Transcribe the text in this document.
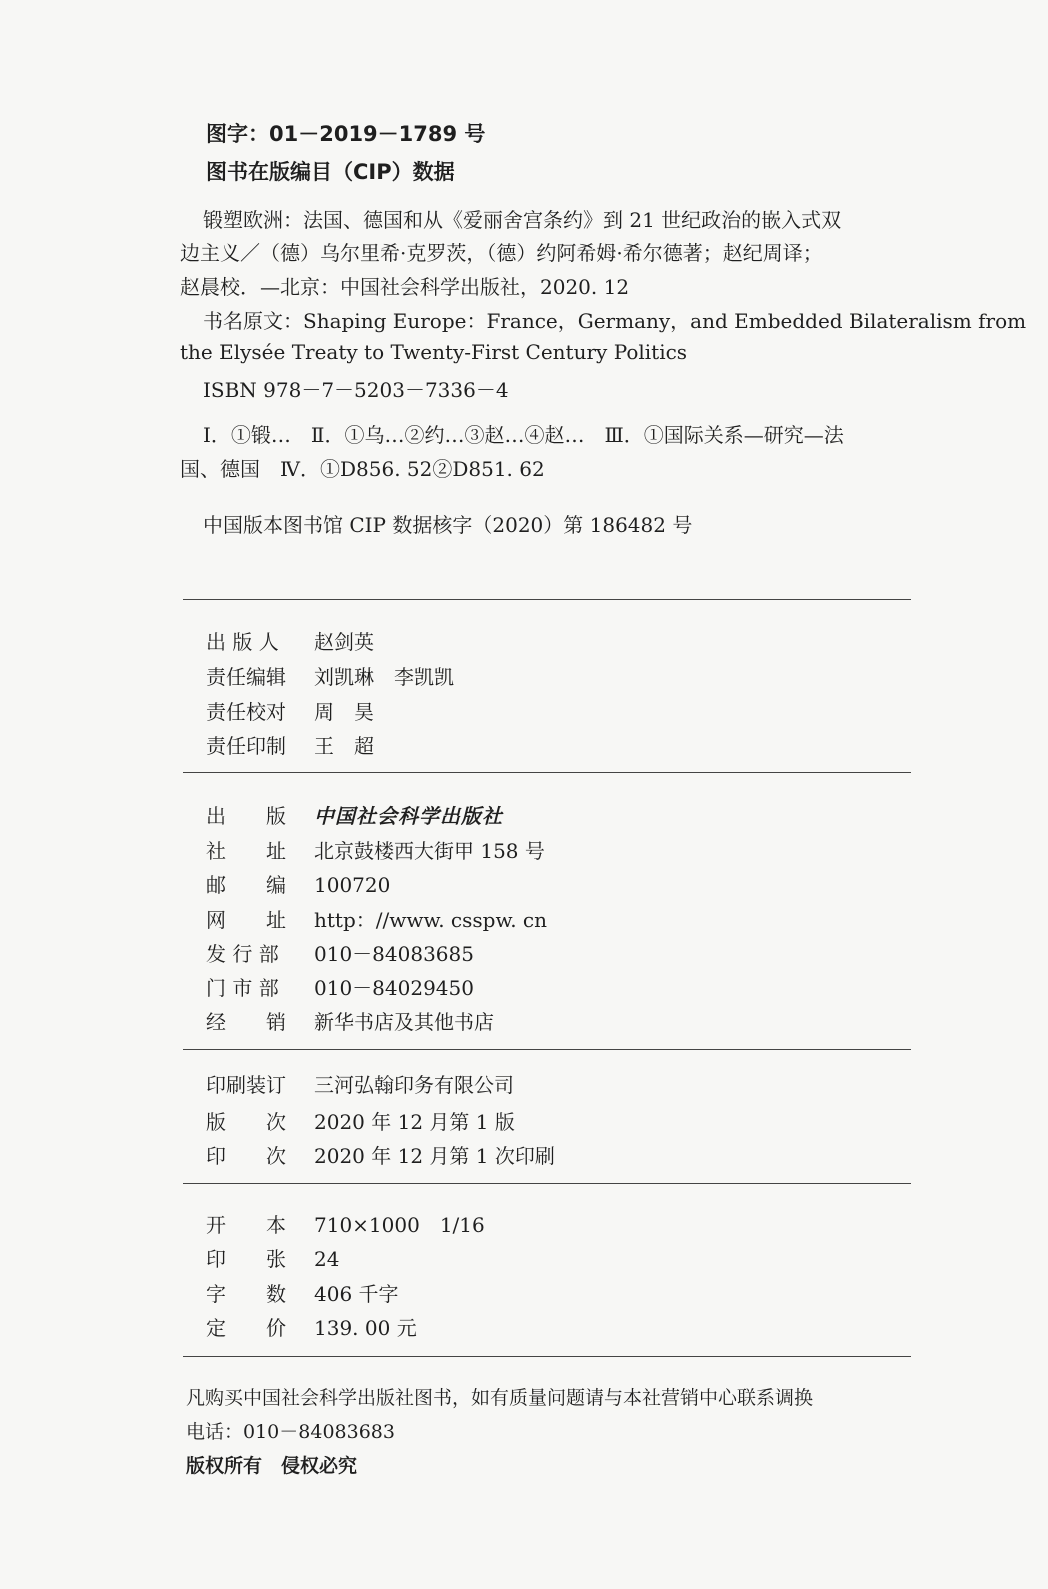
图字：01－2019－1789 号
图书在版编目（CIP）数据
锻塑欧洲：法国、德国和从《爱丽舍宫条约》到 21 世纪政治的嵌入式双
边主义／（德）乌尔里希·克罗茨，（德）约阿希姆·希尔德著；赵纪周译；
赵晨校．—北京：中国社会科学出版社，2020. 12
书名原文：Shaping Europe：France，Germany，and Embedded Bilateralism from
the Elysée Treaty to Twenty-First Century Politics
ISBN 978－7－5203－7336－4
Ⅰ．①锻…　Ⅱ．①乌…②约…③赵…④赵…　Ⅲ．①国际关系—研究—法
国、德国　Ⅳ．①D856. 52②D851. 62
中国版本图书馆 CIP 数据核字（2020）第 186482 号
出 版 人 赵剑英
责任编辑 刘凯琳　李凯凯
责任校对 周　昊
责任印制 王　超
出　　版 中国社会科学出版社
社　　址 北京鼓楼西大街甲 158 号
邮　　编 100720
网　　址 http：//www. csspw. cn
发 行 部 010－84083685
门 市 部 010－84029450
经　　销 新华书店及其他书店
印刷装订 三河弘翰印务有限公司
版　　次 2020 年 12 月第 1 版
印　　次 2020 年 12 月第 1 次印刷
开　　本 710×1000　1/16
印　　张 24
字　　数 406 千字
定　　价 139. 00 元
凡购买中国社会科学出版社图书，如有质量问题请与本社营销中心联系调换
电话：010－84083683
版权所有　侵权必究
